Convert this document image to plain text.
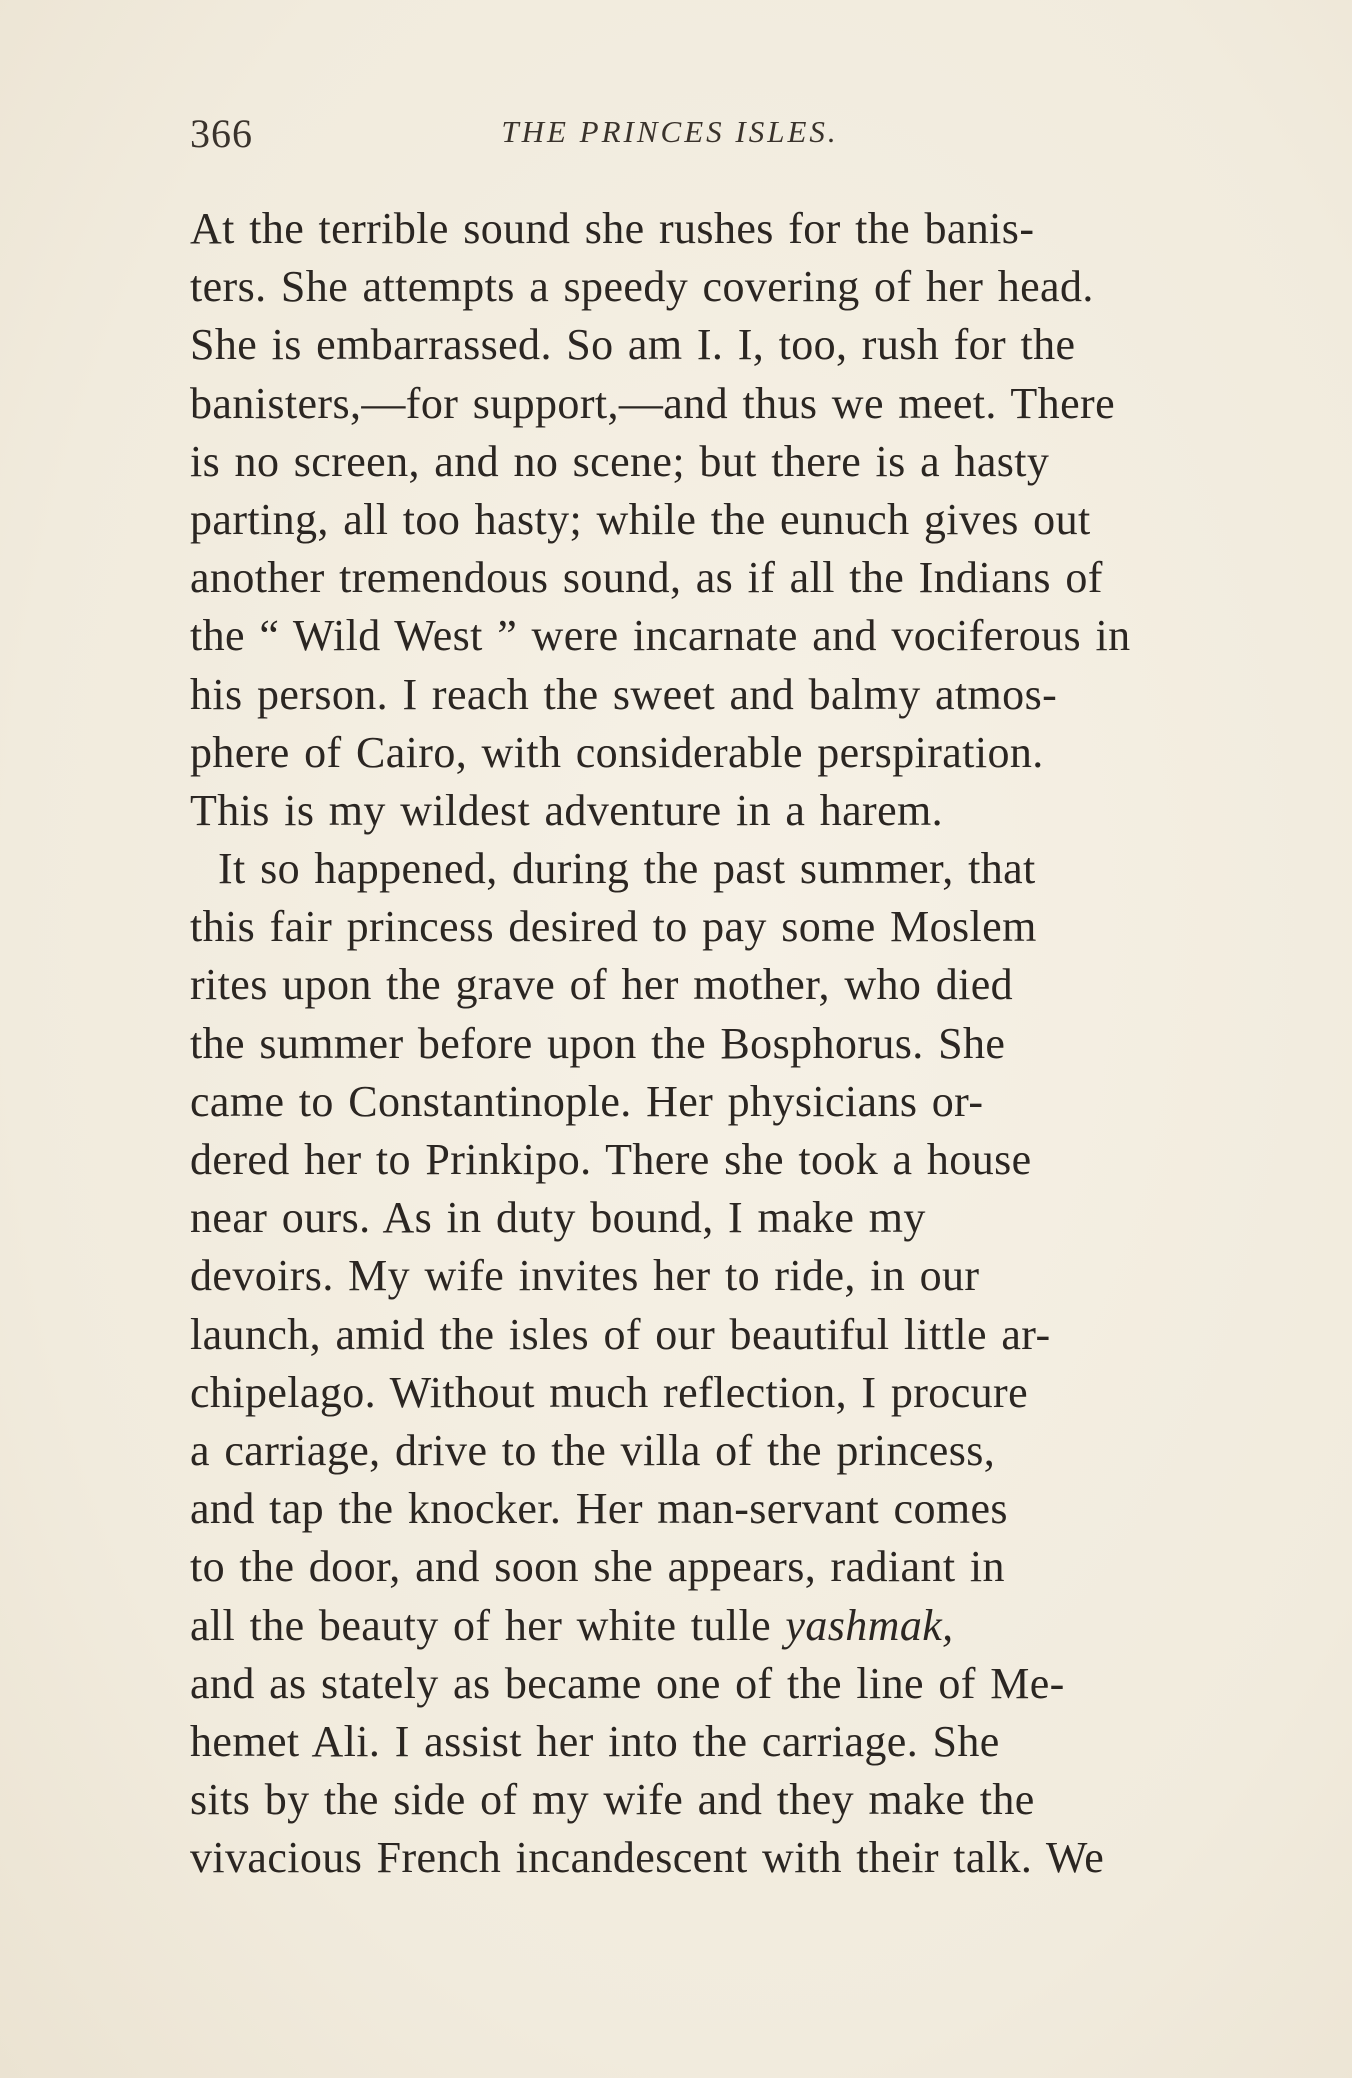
366	THE PRINCES ISLES.
At the terrible sound she rushes for the banis-
ters. She attempts a speedy covering of her head.
She is embarrassed. So am I. I, too, rush for the
banisters,—for support,—and thus we meet. There
is no screen, and no scene; but there is a hasty
parting, all too hasty; while the eunuch gives out
another tremendous sound, as if all the Indians of
the “ Wild West ” were incarnate and vociferous in
his person. I reach the sweet and balmy atmos-
phere of Cairo, with considerable perspiration.
This is my wildest adventure in a harem.
It so happened, during the past summer, that
this fair princess desired to pay some Moslem
rites upon the grave of her mother, who died
the summer before upon the Bosphorus. She
came to Constantinople. Her physicians or-
dered her to Prinkipo. There she took a house
near ours. As in duty bound, I make my
devoirs. My wife invites her to ride, in our
launch, amid the isles of our beautiful little ar-
chipelago. Without much reflection, I procure
a carriage, drive to the villa of the princess,
and tap the knocker. Her man-servant comes
to the door, and soon she appears, radiant in
all the beauty of her white tulle yashmak,
and as stately as became one of the line of Me-
hemet Ali. I assist her into the carriage. She
sits by the side of my wife and they make the
vivacious French incandescent with their talk. We
